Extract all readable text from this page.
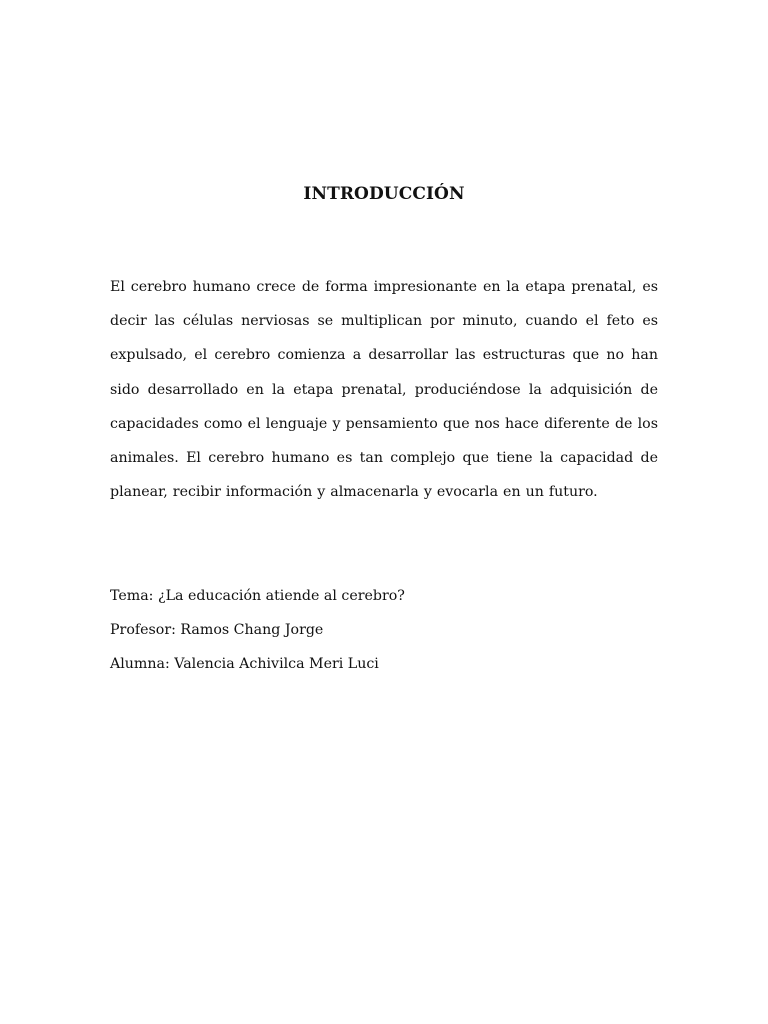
INTRODUCCIÓN

El cerebro humano crece de forma impresionante en la etapa prenatal, es decir las células nerviosas se multiplican por minuto, cuando el feto es expulsado, el cerebro comienza a desarrollar las estructuras que no han sido desarrollado en la etapa prenatal, produciéndose la adquisición de capacidades como el lenguaje y pensamiento que nos hace diferente de los animales. El cerebro humano es tan complejo que tiene la capacidad de planear, recibir información y almacenarla y evocarla en un futuro.

Tema: ¿La educación atiende al cerebro?
Profesor: Ramos Chang Jorge
Alumna: Valencia Achivilca Meri Luci
